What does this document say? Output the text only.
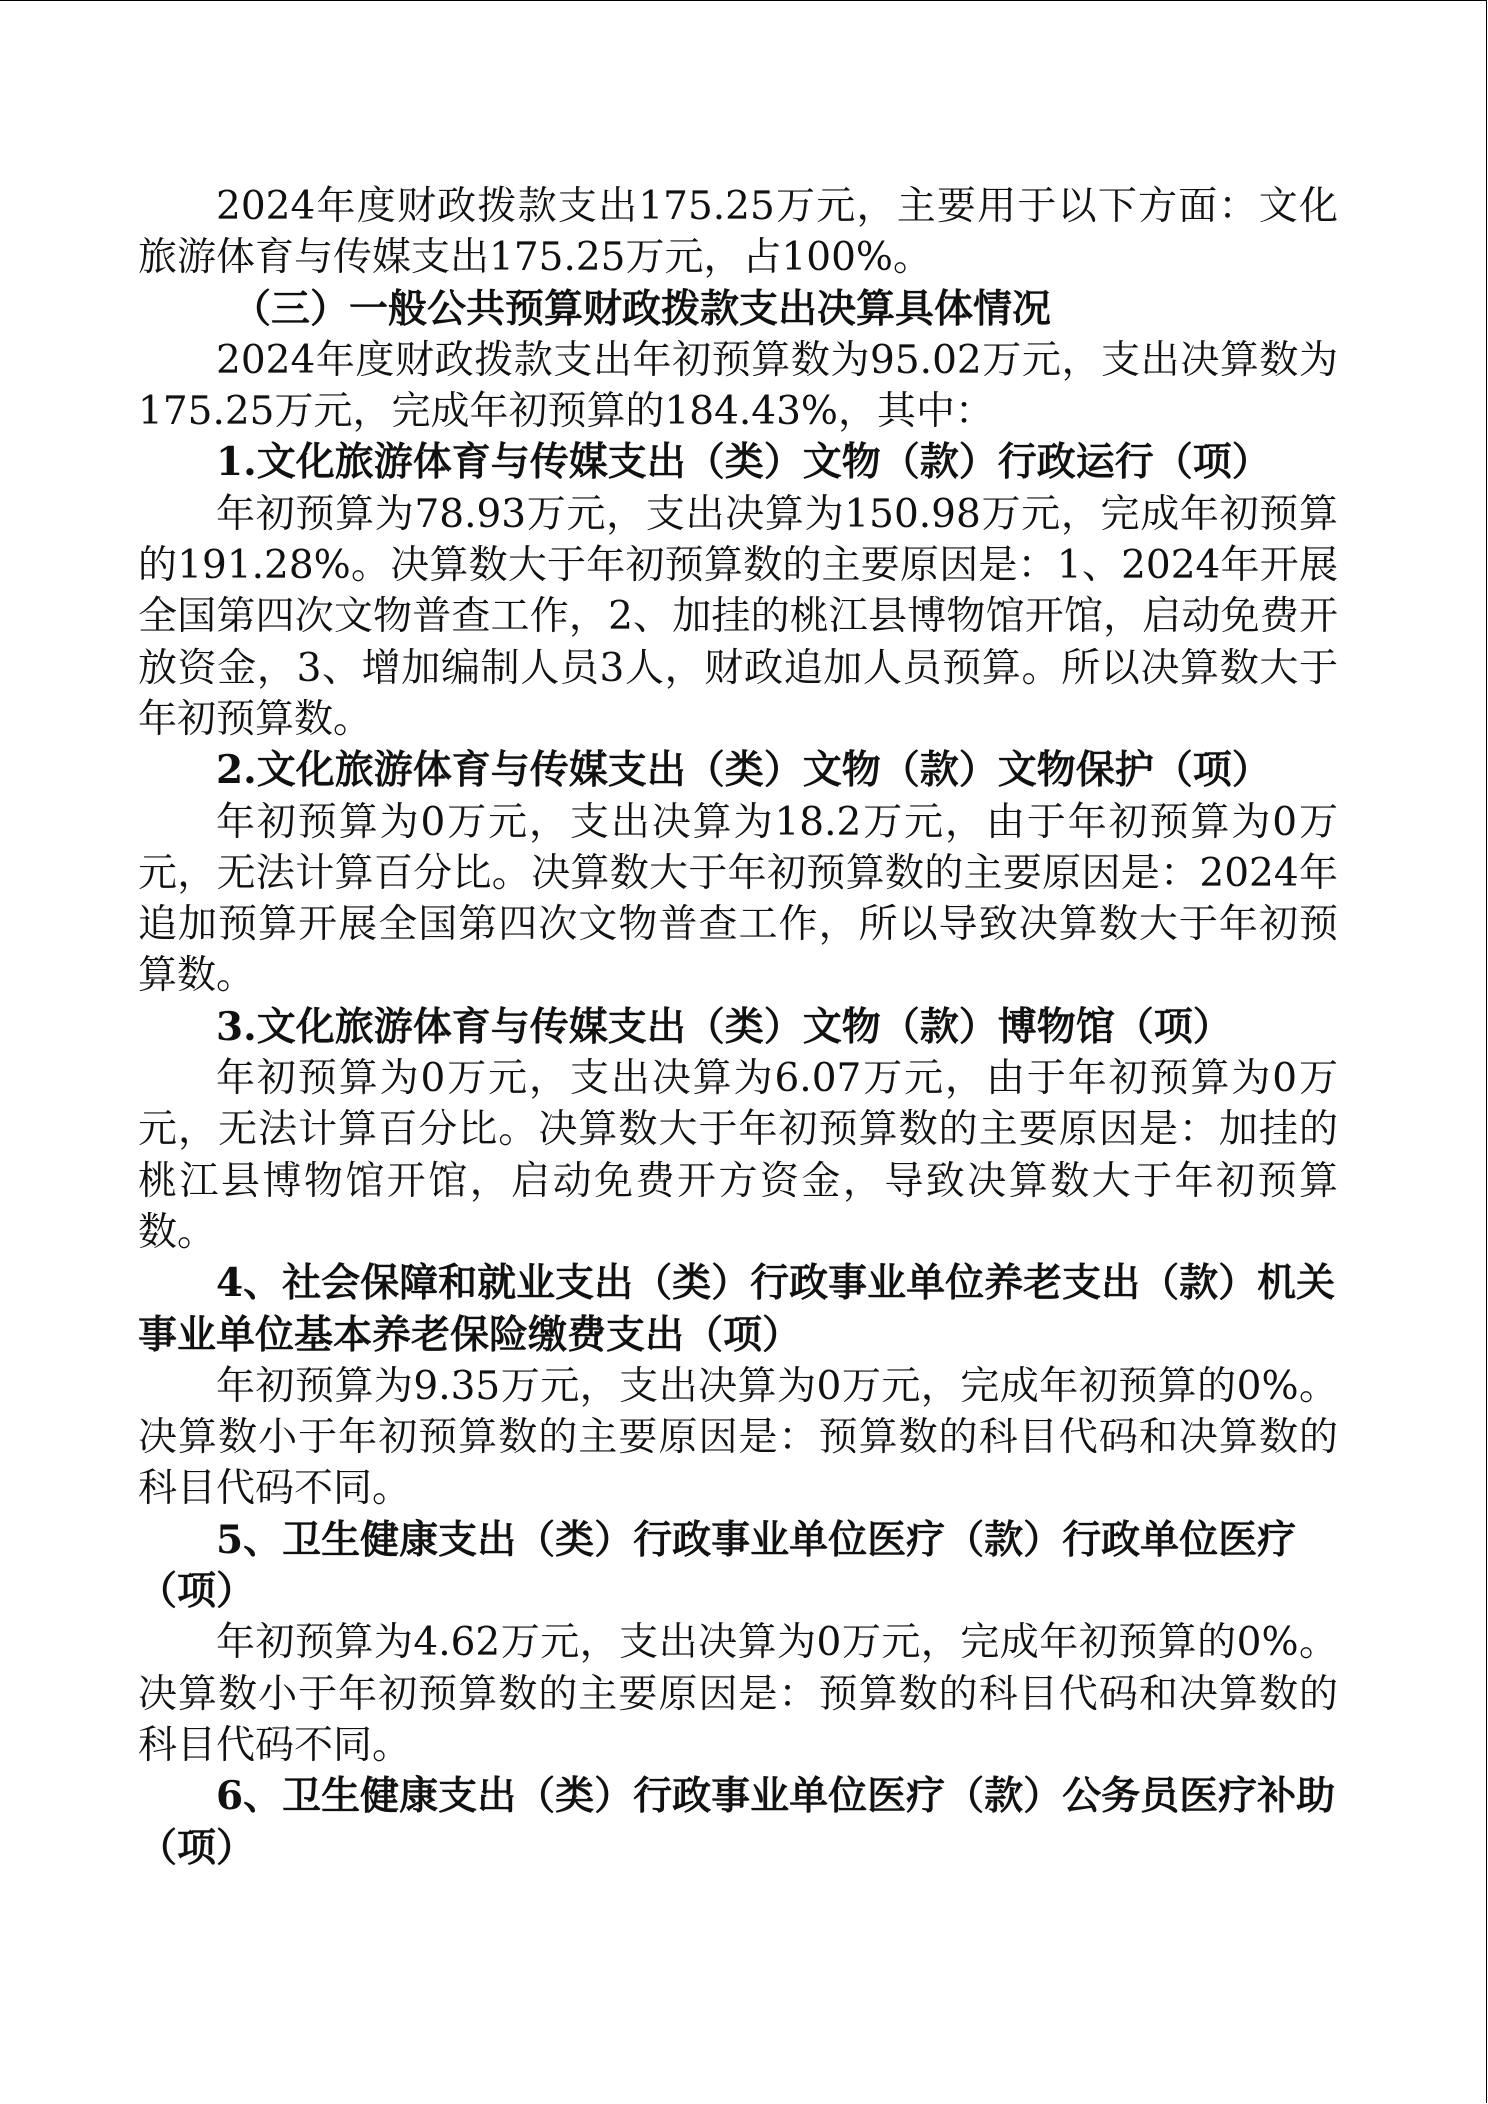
2024年度财政拨款支出175.25万元，主要用于以下方面：文化旅游体育与传媒支出175.25万元，占100%。

（三）一般公共预算财政拨款支出决算具体情况

2024年度财政拨款支出年初预算数为95.02万元，支出决算数为175.25万元，完成年初预算的184.43%，其中：

1.文化旅游体育与传媒支出（类）文物（款）行政运行（项）

年初预算为78.93万元，支出决算为150.98万元，完成年初预算的191.28%。决算数大于年初预算数的主要原因是：1、2024年开展全国第四次文物普查工作，2、加挂的桃江县博物馆开馆，启动免费开放资金，3、增加编制人员3人，财政追加人员预算。所以决算数大于年初预算数。

2.文化旅游体育与传媒支出（类）文物（款）文物保护（项）

年初预算为0万元，支出决算为18.2万元，由于年初预算为0万元，无法计算百分比。决算数大于年初预算数的主要原因是：2024年追加预算开展全国第四次文物普查工作，所以导致决算数大于年初预算数。

3.文化旅游体育与传媒支出（类）文物（款）博物馆（项）

年初预算为0万元，支出决算为6.07万元，由于年初预算为0万元，无法计算百分比。决算数大于年初预算数的主要原因是：加挂的桃江县博物馆开馆，启动免费开方资金，导致决算数大于年初预算数。

4、社会保障和就业支出（类）行政事业单位养老支出（款）机关事业单位基本养老保险缴费支出（项）

年初预算为9.35万元，支出决算为0万元，完成年初预算的0%。决算数小于年初预算数的主要原因是：预算数的科目代码和决算数的科目代码不同。

5、卫生健康支出（类）行政事业单位医疗（款）行政单位医疗（项）

年初预算为4.62万元，支出决算为0万元，完成年初预算的0%。决算数小于年初预算数的主要原因是：预算数的科目代码和决算数的科目代码不同。

6、卫生健康支出（类）行政事业单位医疗（款）公务员医疗补助（项）
